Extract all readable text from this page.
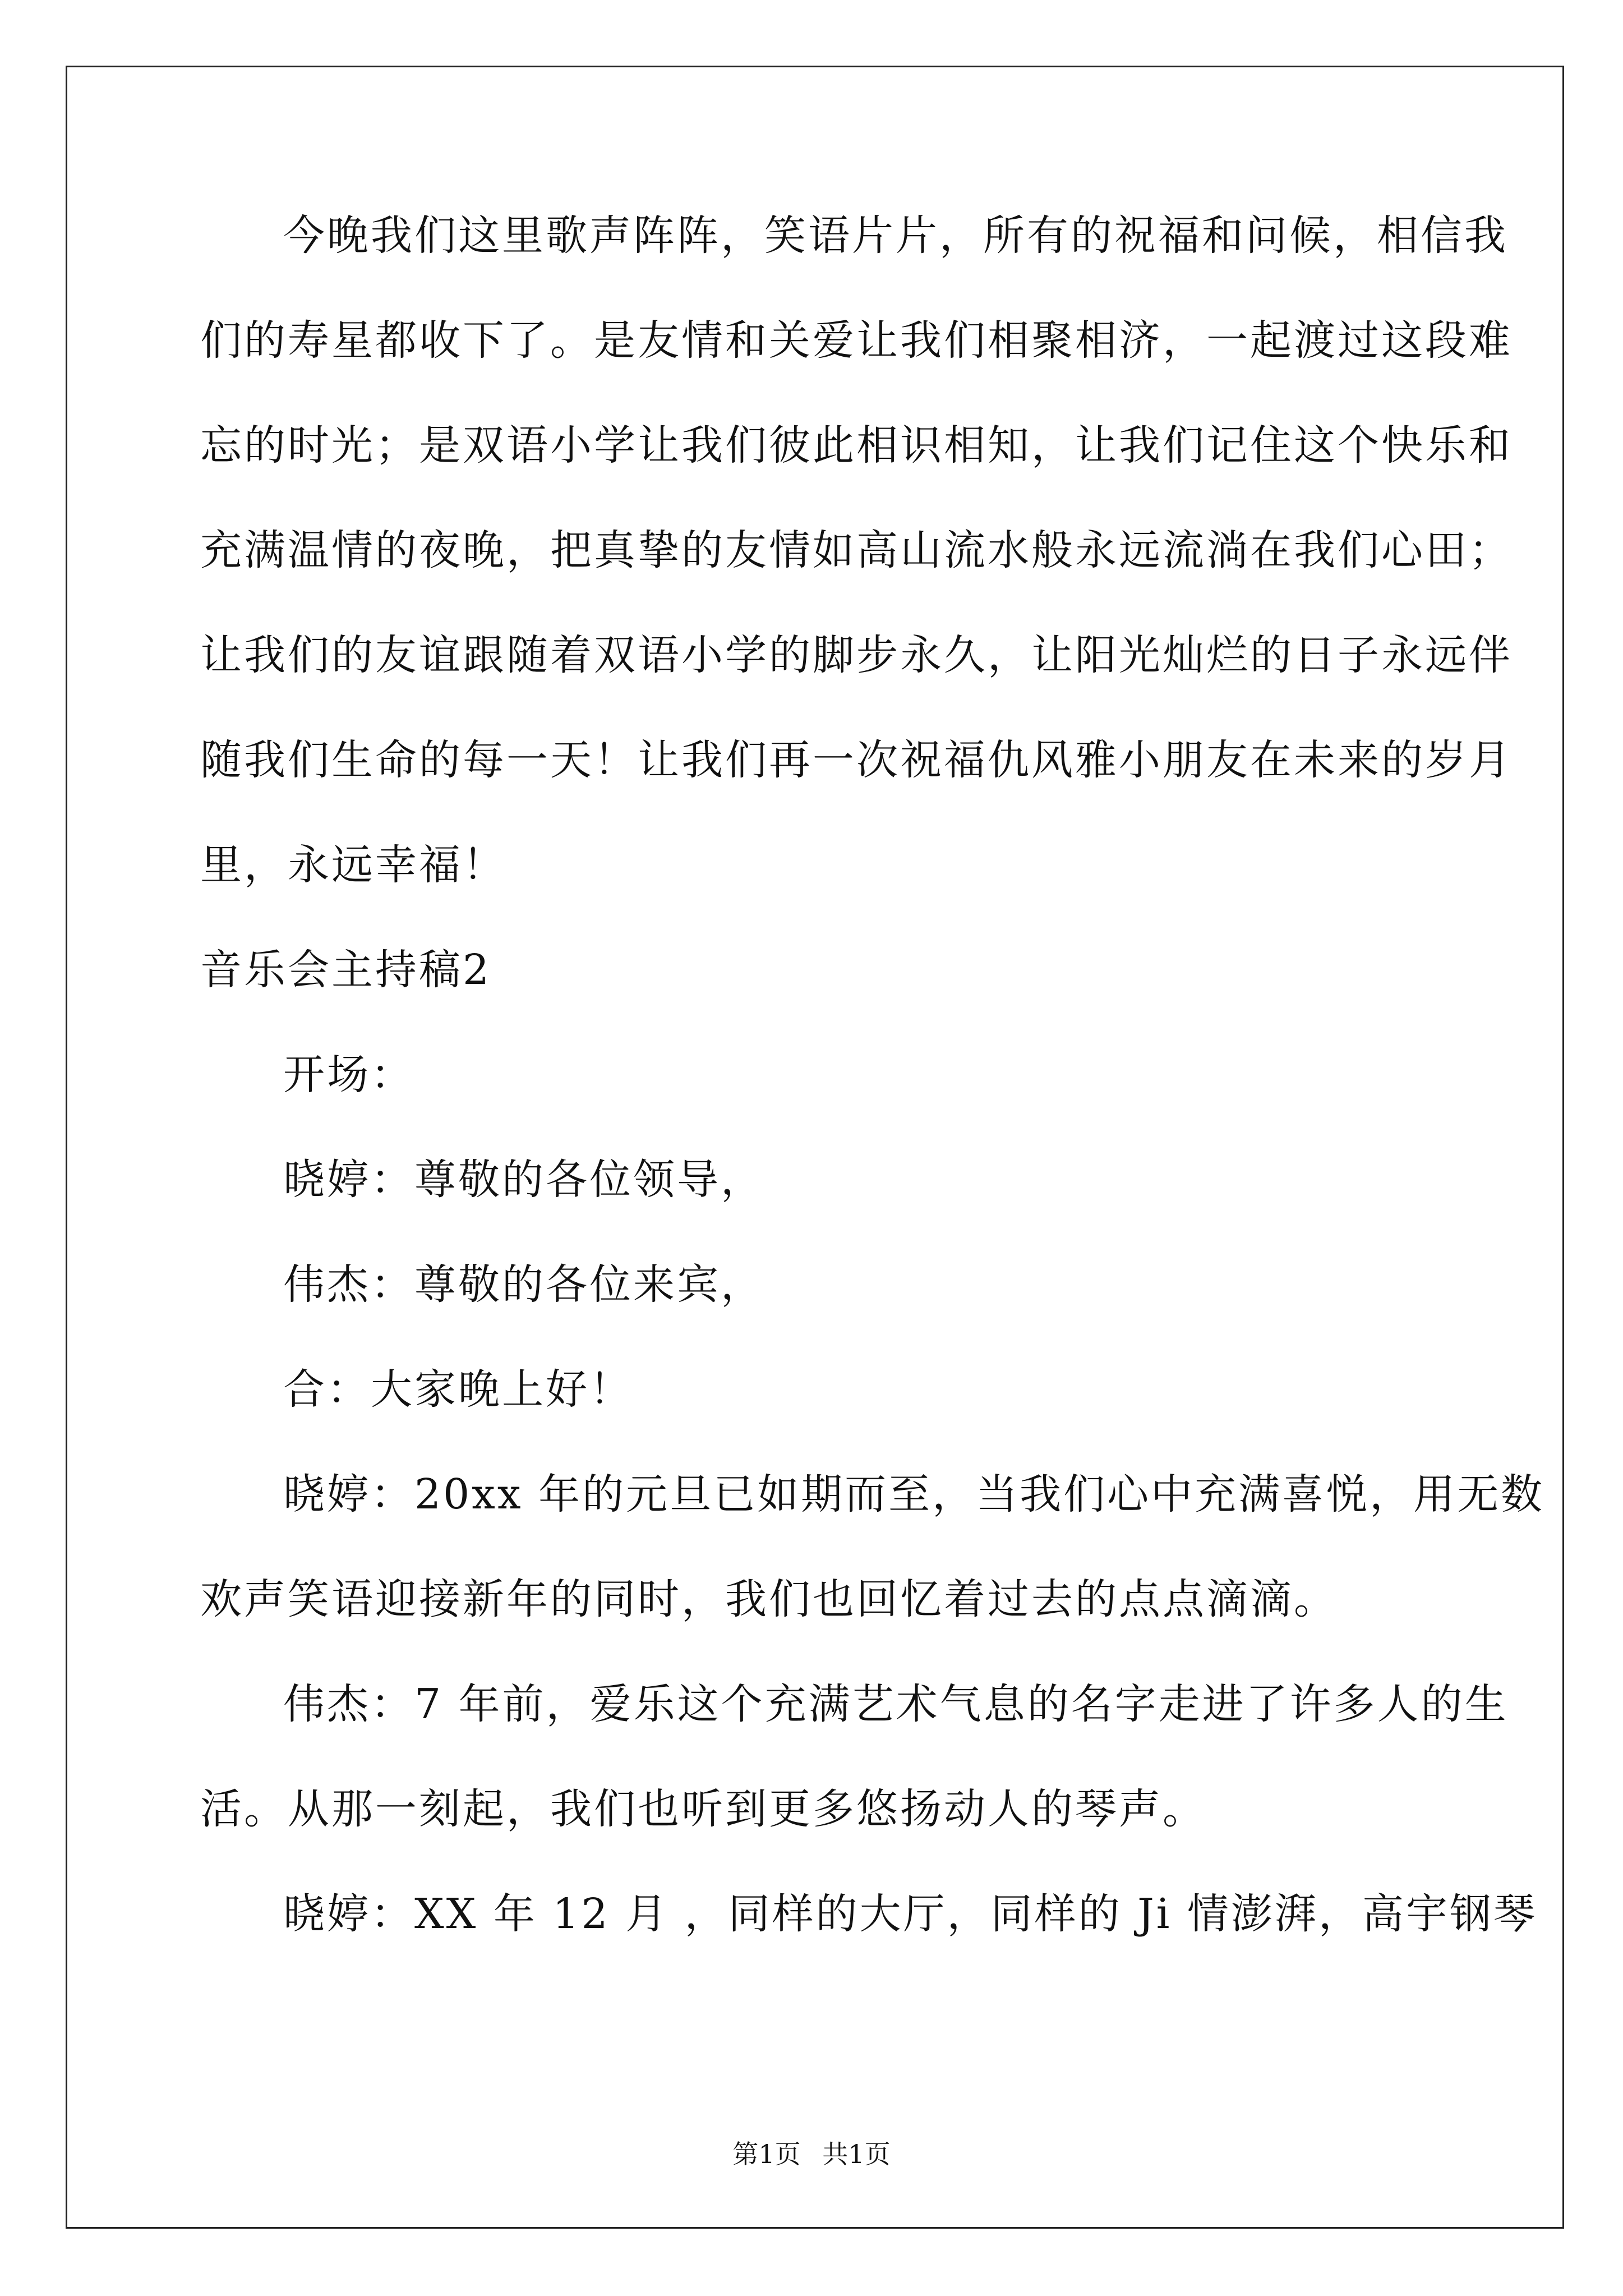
今晚我们这里歌声阵阵，笑语片片，所有的祝福和问候，相信我
们的寿星都收下了。是友情和关爱让我们相聚相济，一起渡过这段难
忘的时光；是双语小学让我们彼此相识相知，让我们记住这个快乐和
充满温情的夜晚，把真挚的友情如高山流水般永远流淌在我们心田；
让我们的友谊跟随着双语小学的脚步永久，让阳光灿烂的日子永远伴
随我们生命的每一天！让我们再一次祝福仇风雅小朋友在未来的岁月
里，永远幸福！
音乐会主持稿2
开场：
晓婷：尊敬的各位领导，
伟杰：尊敬的各位来宾，
合：大家晚上好！
晓婷：20xx 年的元旦已如期而至，当我们心中充满喜悦，用无数
欢声笑语迎接新年的同时，我们也回忆着过去的点点滴滴。
伟杰：7 年前，爱乐这个充满艺术气息的名字走进了许多人的生
活。从那一刻起，我们也听到更多悠扬动人的琴声。
晓婷：XX 年 12 月 ，同样的大厅，同样的 Ji 情澎湃，高宇钢琴
第1页 共1页
